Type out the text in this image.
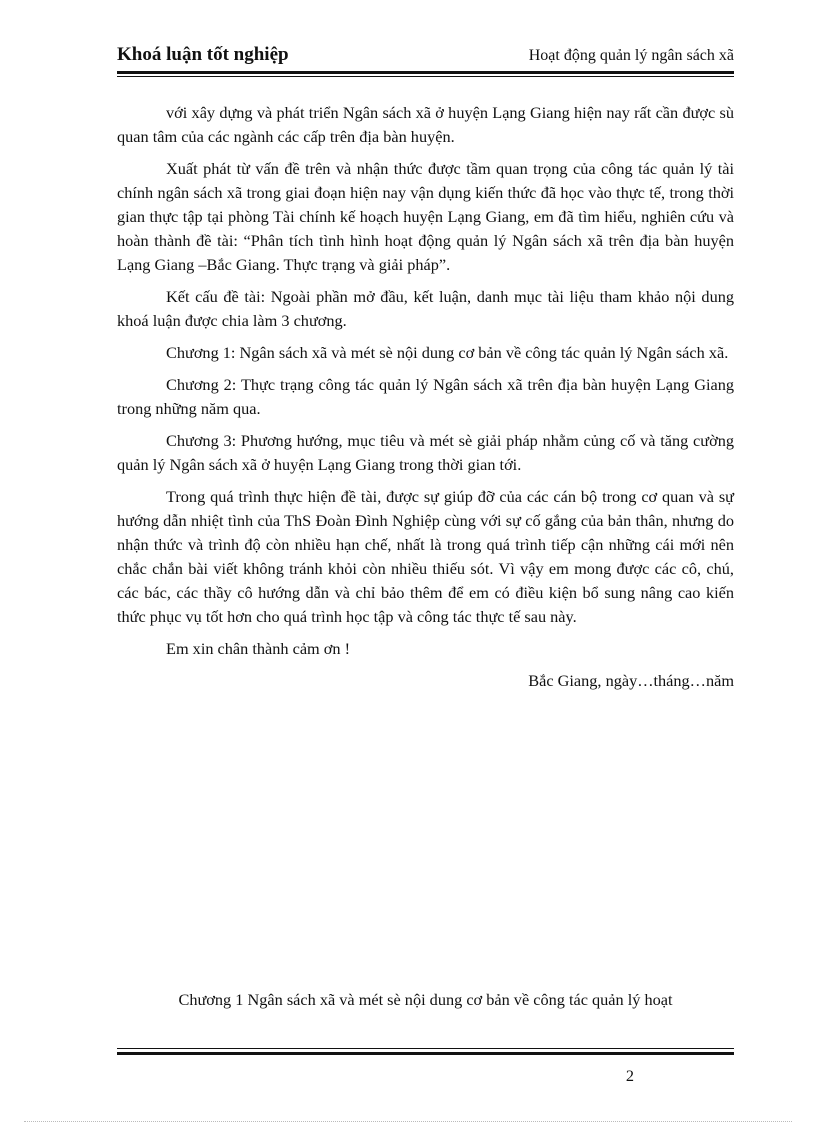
Khoá luận tốt nghiệp	Hoạt động quản lý ngân sách xã

với xây dựng và phát triển Ngân sách xã ở huyện Lạng Giang hiện nay rất cần được sù quan tâm của các ngành các cấp trên địa bàn huyện.

Xuất phát từ vấn đề trên và nhận thức được tầm quan trọng của công tác quản lý tài chính ngân sách xã trong giai đoạn hiện nay vận dụng kiến thức đã học vào thực tế, trong thời gian thực tập tại phòng Tài chính kế hoạch huyện Lạng Giang, em đã tìm hiểu, nghiên cứu và hoàn thành đề tài: “Phân tích tình hình hoạt động quản lý Ngân sách xã trên địa bàn huyện Lạng Giang –Bắc Giang. Thực trạng và giải pháp”.

Kết cấu đề tài: Ngoài phần mở đầu, kết luận, danh mục tài liệu tham khảo nội dung khoá luận được chia làm 3 chương.

Chương 1: Ngân sách xã và mét sè nội dung cơ bản về công tác quản lý Ngân sách xã.

Chương 2: Thực trạng công tác quản lý Ngân sách xã trên địa bàn huyện Lạng Giang trong những năm qua.

Chương 3: Phương hướng, mục tiêu và mét sè giải pháp nhằm củng cố và tăng cường quản lý Ngân sách xã ở huyện Lạng Giang trong thời gian tới.

Trong quá trình thực hiện đề tài, được sự giúp đỡ của các cán bộ trong cơ quan và sự hướng dẫn nhiệt tình của ThS Đoàn Đình Nghiệp cùng với sự cố gắng của bản thân, nhưng do nhận thức và trình độ còn nhiều hạn chế, nhất là trong quá trình tiếp cận những cái mới nên chắc chắn bài viết không tránh khỏi còn nhiều thiếu sót. Vì vậy em mong được các cô, chú, các bác, các thầy cô hướng dẫn và chỉ bảo thêm để em có điều kiện bổ sung nâng cao kiến thức phục vụ tốt hơn cho quá trình học tập và công tác thực tế sau này.

Em xin chân thành cảm ơn !

Bắc Giang, ngày…tháng…năm
Chương 1 Ngân sách xã và mét sè nội dung cơ bản về công tác quản lý hoạt
2
